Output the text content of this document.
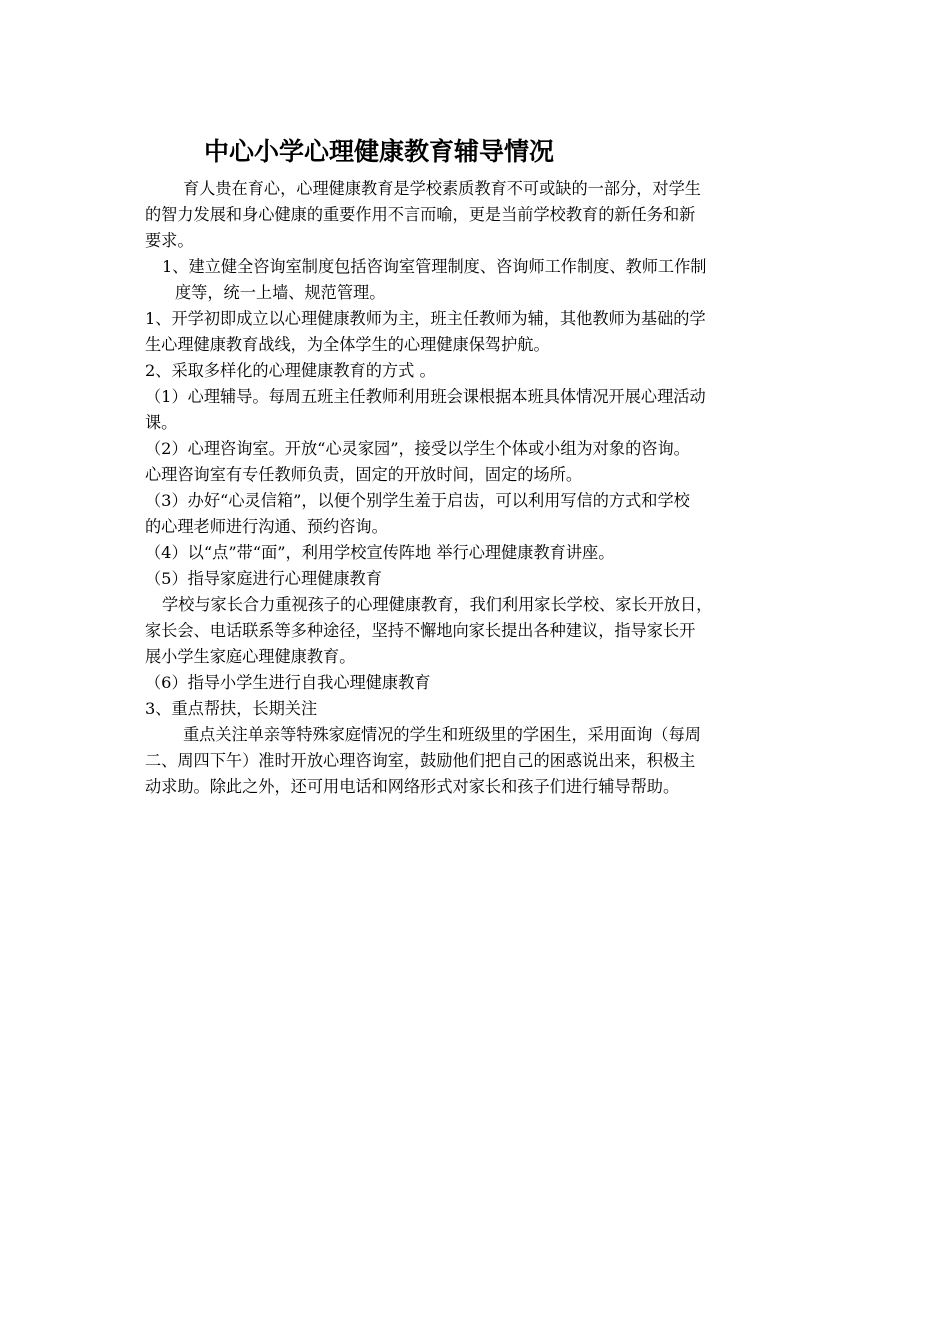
中心小学心理健康教育辅导情况
育人贵在育心，心理健康教育是学校素质教育不可或缺的一部分，对学生
的智力发展和身心健康的重要作用不言而喻，更是当前学校教育的新任务和新
要求。
1、建立健全咨询室制度包括咨询室管理制度、咨询师工作制度、教师工作制
度等，统一上墙、规范管理。
1、开学初即成立以心理健康教师为主，班主任教师为辅，其他教师为基础的学
生心理健康教育战线，为全体学生的心理健康保驾护航。
2、采取多样化的心理健康教育的方式 。
（1）心理辅导。每周五班主任教师利用班会课根据本班具体情况开展心理活动
课。
（2）心理咨询室。开放“心灵家园”，接受以学生个体或小组为对象的咨询。
心理咨询室有专任教师负责，固定的开放时间，固定的场所。
（3）办好“心灵信箱”，以便个别学生羞于启齿，可以利用写信的方式和学校
的心理老师进行沟通、预约咨询。
（4）以“点”带“面”，利用学校宣传阵地 举行心理健康教育讲座。
（5）指导家庭进行心理健康教育
学校与家长合力重视孩子的心理健康教育，我们利用家长学校、家长开放日，
家长会、电话联系等多种途径，坚持不懈地向家长提出各种建议，指导家长开
展小学生家庭心理健康教育。
（6）指导小学生进行自我心理健康教育
3、重点帮扶，长期关注
重点关注单亲等特殊家庭情况的学生和班级里的学困生，采用面询（每周
二、周四下午）准时开放心理咨询室，鼓励他们把自己的困惑说出来，积极主
动求助。除此之外，还可用电话和网络形式对家长和孩子们进行辅导帮助。
